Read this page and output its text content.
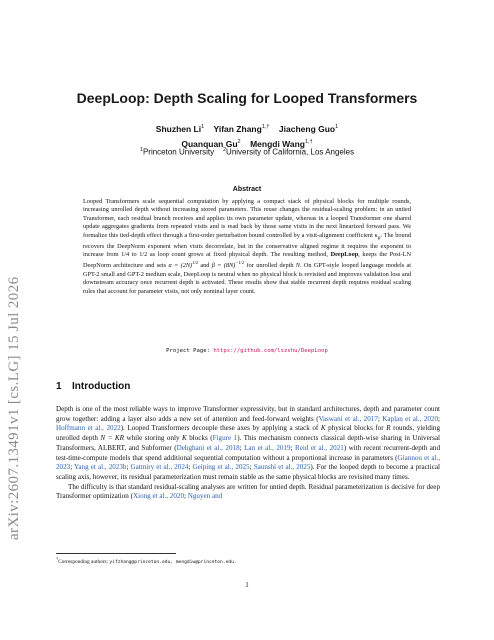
arXiv:2607.13491v1 [cs.LG] 15 Jul 2026
DeepLoop: Depth Scaling for Looped Transformers
Shuzhen Li$^1$ Yifan Zhang$^{1,\dagger}$ Jiacheng Guo$^1$
Quanquan Gu$^2$ Mengdi Wang$^{1,\dagger}$
$^1$Princeton University $^2$University of California, Los Angeles
Abstract
Looped Transformers scale sequential computation by applying a compact stack of physical blocks for multiple rounds, increasing unrolled depth without increasing stored parameters. This reuse changes the residual-scaling problem: in an untied Transformer, each residual branch receives and applies its own parameter update, whereas in a looped Transformer one shared update aggregates gradients from repeated visits and is read back by those same visits in the next linearized forward pass. We formalize this tied-depth effect through a first-order perturbation bound controlled by a visit-alignment coefficient $\kappa_R$. The bound recovers the DeepNorm exponent when visits decorrelate, but in the conservative aligned regime it requires the exponent to increase from 1/4 to 1/2 as loop count grows at fixed physical depth. The resulting method, DeepLoop, keeps the Post-LN DeepNorm architecture and sets $\alpha = (2N)^{1/2}$ and $\beta = (8N)^{-1/2}$ for unrolled depth N. On GPT-style looped language models at GPT-2 small and GPT-2 medium scale, DeepLoop is neutral when no physical block is revisited and improves validation loss and downstream accuracy once recurrent depth is activated. These results show that stable recurrent depth requires residual scaling rules that account for parameter visits, not only nominal layer count.
Project Page: https://github.com/lszshu/DeepLoop
1 Introduction

Depth is one of the most reliable ways to improve Transformer expressivity, but in standard architectures, depth and parameter count grow together: adding a layer also adds a new set of attention and feed-forward weights (Vaswani et al., 2017; Kaplan et al., 2020; Hoffmann et al., 2022). Looped Transformers decouple these axes by applying a stack of K physical blocks for R rounds, yielding unrolled depth N = KR while storing only K blocks (Figure 1). This mechanism connects classical depth-wise sharing in Universal Transformers, ALBERT, and Subformer (Dehghani et al., 2018; Lan et al., 2019; Reid et al., 2021) with recent recurrent-depth and test-time-compute models that spend additional sequential computation without a proportional increase in parameters (Giannou et al., 2023; Yang et al., 2023b; Gatmiry et al., 2024; Geiping et al., 2025; Saunshi et al., 2025). For the looped depth to become a practical scaling axis, however, its residual parameterization must remain stable as the same physical blocks are revisited many times.

The difficulty is that standard residual-scaling analyses are written for untied depth. Residual parameterization is decisive for deep Transformer optimization (Xiong et al., 2020; Nguyen and

†Corresponding authors: yifzhang@princeton.edu, mengdiw@princeton.edu.
1
